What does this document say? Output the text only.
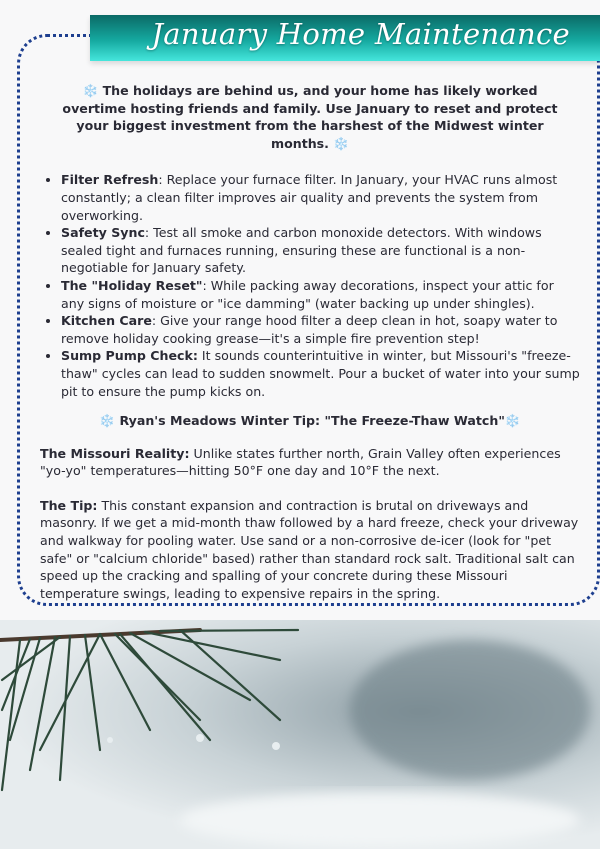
January Home Maintenance
❄️ The holidays are behind us, and your home has likely worked overtime hosting friends and family. Use January to reset and protect your biggest investment from the harshest of the Midwest winter months. ❄️
• Filter Refresh: Replace your furnace filter. In January, your HVAC runs almost constantly; a clean filter improves air quality and prevents the system from overworking.
• Safety Sync: Test all smoke and carbon monoxide detectors. With windows sealed tight and furnaces running, ensuring these are functional is a non-negotiable for January safety.
• The "Holiday Reset": While packing away decorations, inspect your attic for any signs of moisture or "ice damming" (water backing up under shingles).
• Kitchen Care: Give your range hood filter a deep clean in hot, soapy water to remove holiday cooking grease—it's a simple fire prevention step!
• Sump Pump Check: It sounds counterintuitive in winter, but Missouri's "freeze-thaw" cycles can lead to sudden snowmelt. Pour a bucket of water into your sump pit to ensure the pump kicks on.
❄️ Ryan's Meadows Winter Tip: "The Freeze-Thaw Watch"❄️

The Missouri Reality: Unlike states further north, Grain Valley often experiences "yo-yo" temperatures—hitting 50°F one day and 10°F the next.

The Tip: This constant expansion and contraction is brutal on driveways and masonry. If we get a mid-month thaw followed by a hard freeze, check your driveway and walkway for pooling water. Use sand or a non-corrosive de-icer (look for "pet safe" or "calcium chloride" based) rather than standard rock salt. Traditional salt can speed up the cracking and spalling of your concrete during these Missouri temperature swings, leading to expensive repairs in the spring.
